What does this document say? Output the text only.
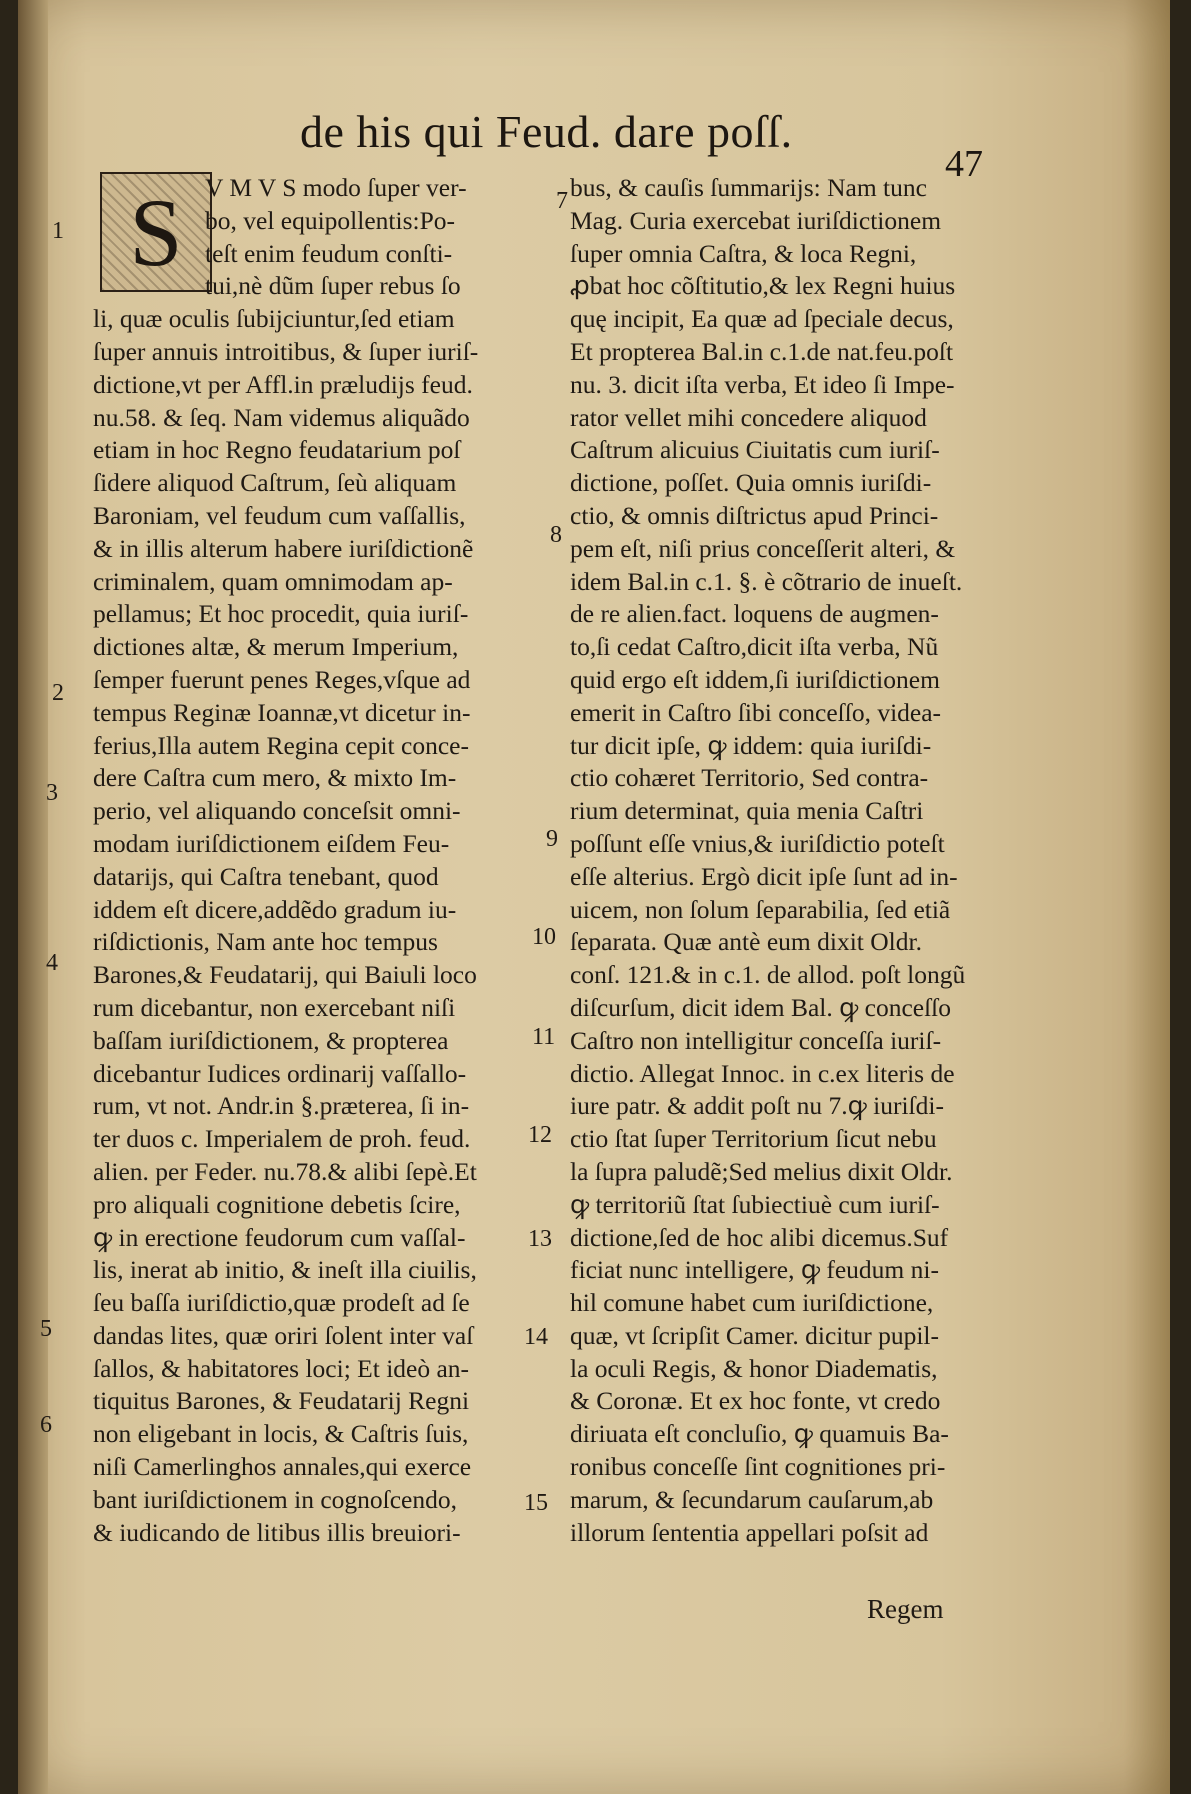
de his qui Feud. dare poſſ.
47
S V M V S modo ſuper ver-
bo, vel equipollentis:Po-
teſt enim feudum conſti-
tui,nè dũm ſuper rebus ſo
li, quæ oculis ſubijciuntur,ſed etiam
ſuper annuis introitibus, & ſuper iuriſ-
dictione,vt per Affl.in præludijs feud.
nu.58. & ſeq. Nam videmus aliquãdo
etiam in hoc Regno feudatarium poſ
ſidere aliquod Caſtrum, ſeù aliquam
Baroniam, vel feudum cum vaſſallis,
& in illis alterum habere iuriſdictionẽ
criminalem, quam omnimodam ap-
pellamus; Et hoc procedit, quia iuriſ-
dictiones altæ, & merum Imperium,
ſemper fuerunt penes Reges,vſque ad
tempus Reginæ Ioannæ,vt dicetur in-
ferius,Illa autem Regina cepit conce-
dere Caſtra cum mero, & mixto Im-
perio, vel aliquando conceſsit omni-
modam iuriſdictionem eiſdem Feu-
datarijs, qui Caſtra tenebant, quod
iddem eſt dicere,addẽdo gradum iu-
riſdictionis, Nam ante hoc tempus
Barones,& Feudatarij, qui Baiuli loco
rum dicebantur, non exercebant niſi
baſſam iuriſdictionem, & propterea
dicebantur Iudices ordinarij vaſſallo-
rum, vt not. Andr.in §.præterea, ſi in-
ter duos c. Imperialem de proh. feud.
alien. per Feder. nu.78.& alibi ſepè.Et
pro aliquali cognitione debetis ſcire,
ꝙ in erectione feudorum cum vaſſal-
lis, inerat ab initio, & ineſt illa ciuilis,
ſeu baſſa iuriſdictio,quæ prodeſt ad ſe
dandas lites, quæ oriri ſolent inter vaſ
ſallos, & habitatores loci; Et ideò an-
tiquitus Barones, & Feudatarij Regni
non eligebant in locis, & Caſtris ſuis,
niſi Camerlinghos annales,qui exerce
bant iuriſdictionem in cognoſcendo,
& iudicando de litibus illis breuiori-
bus, & cauſis ſummarijs: Nam tunc
Mag. Curia exercebat iuriſdictionem
ſuper omnia Caſtra, & loca Regni,
ꝓbat hoc cõſtitutio,& lex Regni huius
quę incipit, Ea quæ ad ſpeciale decus,
Et propterea Bal.in c.1.de nat.feu.poſt
nu. 3. dicit iſta verba, Et ideo ſi Impe-
rator vellet mihi concedere aliquod
Caſtrum alicuius Ciuitatis cum iuriſ-
dictione, poſſet. Quia omnis iuriſdi-
ctio, & omnis diſtrictus apud Princi-
pem eſt, niſi prius conceſſerit alteri, &
idem Bal.in c.1. §. è cõtrario de inueſt.
de re alien.fact. loquens de augmen-
to,ſi cedat Caſtro,dicit iſta verba, Nũ
quid ergo eſt iddem,ſi iuriſdictionem
emerit in Caſtro ſibi conceſſo, videa-
tur dicit ipſe, ꝙ iddem: quia iuriſdi-
ctio cohæret Territorio, Sed contra-
rium determinat, quia menia Caſtri
poſſunt eſſe vnius,& iuriſdictio poteſt
eſſe alterius. Ergò dicit ipſe ſunt ad in-
uicem, non ſolum ſeparabilia, ſed etiã
ſeparata. Quæ antè eum dixit Oldr.
conſ. 121.& in c.1. de allod. poſt longũ
diſcurſum, dicit idem Bal. ꝙ conceſſo
Caſtro non intelligitur conceſſa iuriſ-
dictio. Allegat Innoc. in c.ex literis de
iure patr. & addit poſt nu 7.ꝙ iuriſdi-
ctio ſtat ſuper Territorium ſicut nebu
la ſupra paludẽ;Sed melius dixit Oldr.
ꝙ territoriũ ſtat ſubiectiuè cum iuriſ-
dictione,ſed de hoc alibi dicemus.Suf
ficiat nunc intelligere, ꝙ feudum ni-
hil comune habet cum iuriſdictione,
quæ, vt ſcripſit Camer. dicitur pupil-
la oculi Regis, & honor Diadematis,
& Coronæ. Et ex hoc fonte, vt credo
diriuata eſt concluſio, ꝙ quamuis Ba-
ronibus conceſſe ſint cognitiones pri-
marum, & ſecundarum cauſarum,ab
illorum ſententia appellari poſsit ad
1
2
3
4
5
6
7
8
9
10
11
12
13
14
15
Regem
